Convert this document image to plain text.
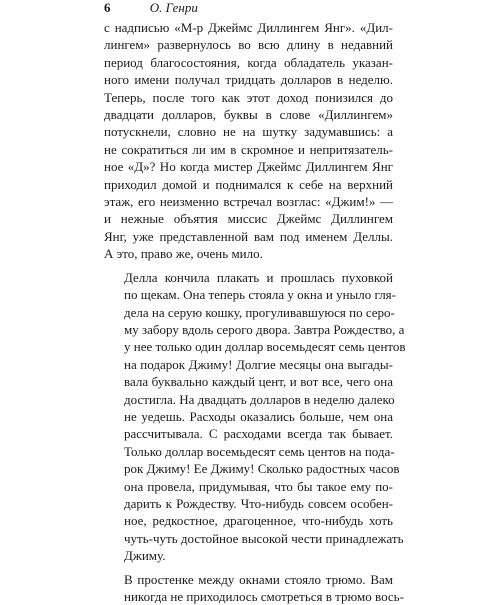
6	О. Генри

с надписью «М-р Джеймс Диллингем Янг». «Дил-
лингем» развернулось во всю длину в недавний
период благосостояния, когда обладатель указан-
ного имени получал тридцать долларов в неделю.
Теперь, после того как этот доход понизился до
двадцати долларов, буквы в слове «Диллингем»
потускнели, словно не на шутку задумавшись: а
не сократиться ли им в скромное и непритязатель-
ное «Д»? Но когда мистер Джеймс Диллингем Янг
приходил домой и поднимался к себе на верхний
этаж, его неизменно встречал возглас: «Джим!» —
и нежные объятия миссис Джеймс Диллингем
Янг, уже представленной вам под именем Деллы.
А это, право же, очень мило.

Делла кончила плакать и прошлась пуховкой
по щекам. Она теперь стояла у окна и уныло гля-
дела на серую кошку, прогуливавшуюся по серо-
му забору вдоль серого двора. Завтра Рождество, а
у нее только один доллар восемьдесят семь центов
на подарок Джиму! Долгие месяцы она выгады-
вала буквально каждый цент, и вот все, чего она
достигла. На двадцать долларов в неделю далеко
не уедешь. Расходы оказались больше, чем она
рассчитывала. С расходами всегда так бывает.
Только доллар восемьдесят семь центов на пода-
рок Джиму! Ее Джиму! Сколько радостных часов
она провела, придумывая, что бы такое ему по-
дарить к Рождеству. Что-нибудь совсем особен-
ное, редкостное, драгоценное, что-нибудь хоть
чуть-чуть достойное высокой чести принадлежать
Джиму.

В простенке между окнами стояло трюмо. Вам
никогда не приходилось смотреться в трюмо вось-
